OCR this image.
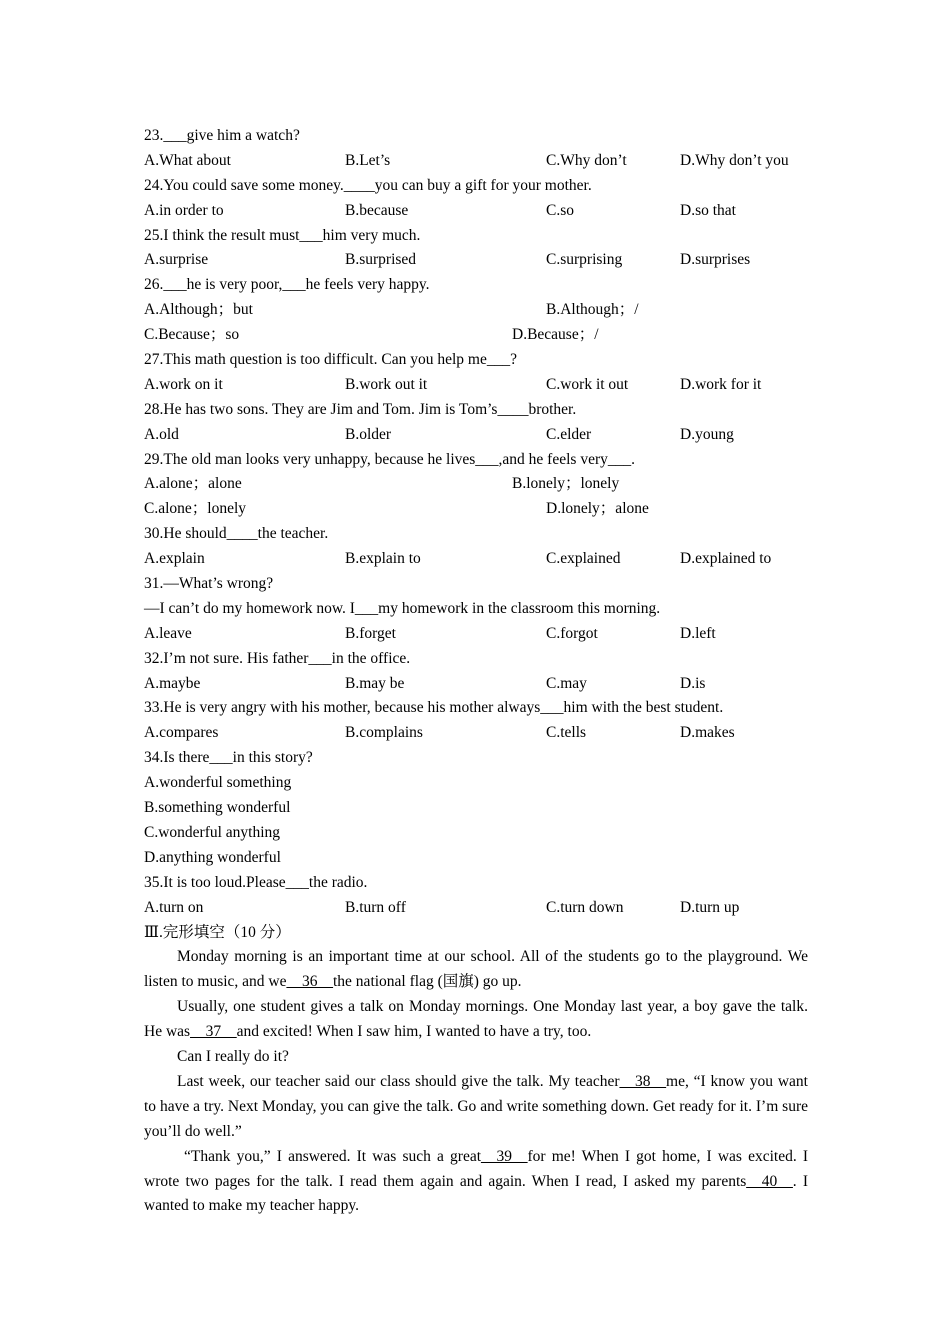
23.___give him a watch?
A.What about	B.Let’s	C.Why don’t	D.Why don’t you
24.You could save some money.____you can buy a gift for your mother.
A.in order to	B.because	C.so	D.so that
25.I think the result must___him very much.
A.surprise	B.surprised	C.surprising	D.surprises
26.___he is very poor,___he feels very happy.
A.Although；but	B.Although；/
C.Because；so	D.Because；/
27.This math question is too difficult. Can you help me___?
A.work on it	B.work out it	C.work it out	D.work for it
28.He has two sons. They are Jim and Tom. Jim is Tom’s____brother.
A.old	B.older	C.elder	D.young
29.The old man looks very unhappy, because he lives___,and he feels very___.
A.alone；alone	B.lonely；lonely
C.alone；lonely	D.lonely；alone
30.He should____the teacher.
A.explain	B.explain to	C.explained	D.explained to
31.—What’s wrong?
—I can’t do my homework now. I___my homework in the classroom this morning.
A.leave	B.forget	C.forgot	D.left
32.I’m not sure. His father___in the office.
A.maybe	B.may be	C.may	D.is
33.He is very angry with his mother, because his mother always___him with the best student.
A.compares	B.complains	C.tells	D.makes
34.Is there___in this story?
A.wonderful something
B.something wonderful
C.wonderful anything
D.anything wonderful
35.It is too loud.Please___the radio.
A.turn on	B.turn off	C.turn down	D.turn up
Ⅲ.完形填空（10 分）
Monday morning is an important time at our school. All of the students go to the playground. We listen to music, and we__36__the national flag (国旗) go up.
Usually, one student gives a talk on Monday mornings. One Monday last year, a boy gave the talk. He was__37__and excited! When I saw him, I wanted to have a try, too.
Can I really do it?
Last week, our teacher said our class should give the talk. My teacher__38__me, “I know you want to have a try. Next Monday, you can give the talk. Go and write something down. Get ready for it. I’m sure you’ll do well.”
“Thank you,” I answered. It was such a great__39__for me! When I got home, I was excited. I wrote two pages for the talk. I read them again and again. When I read, I asked my parents__40__. I wanted to make my teacher happy.
